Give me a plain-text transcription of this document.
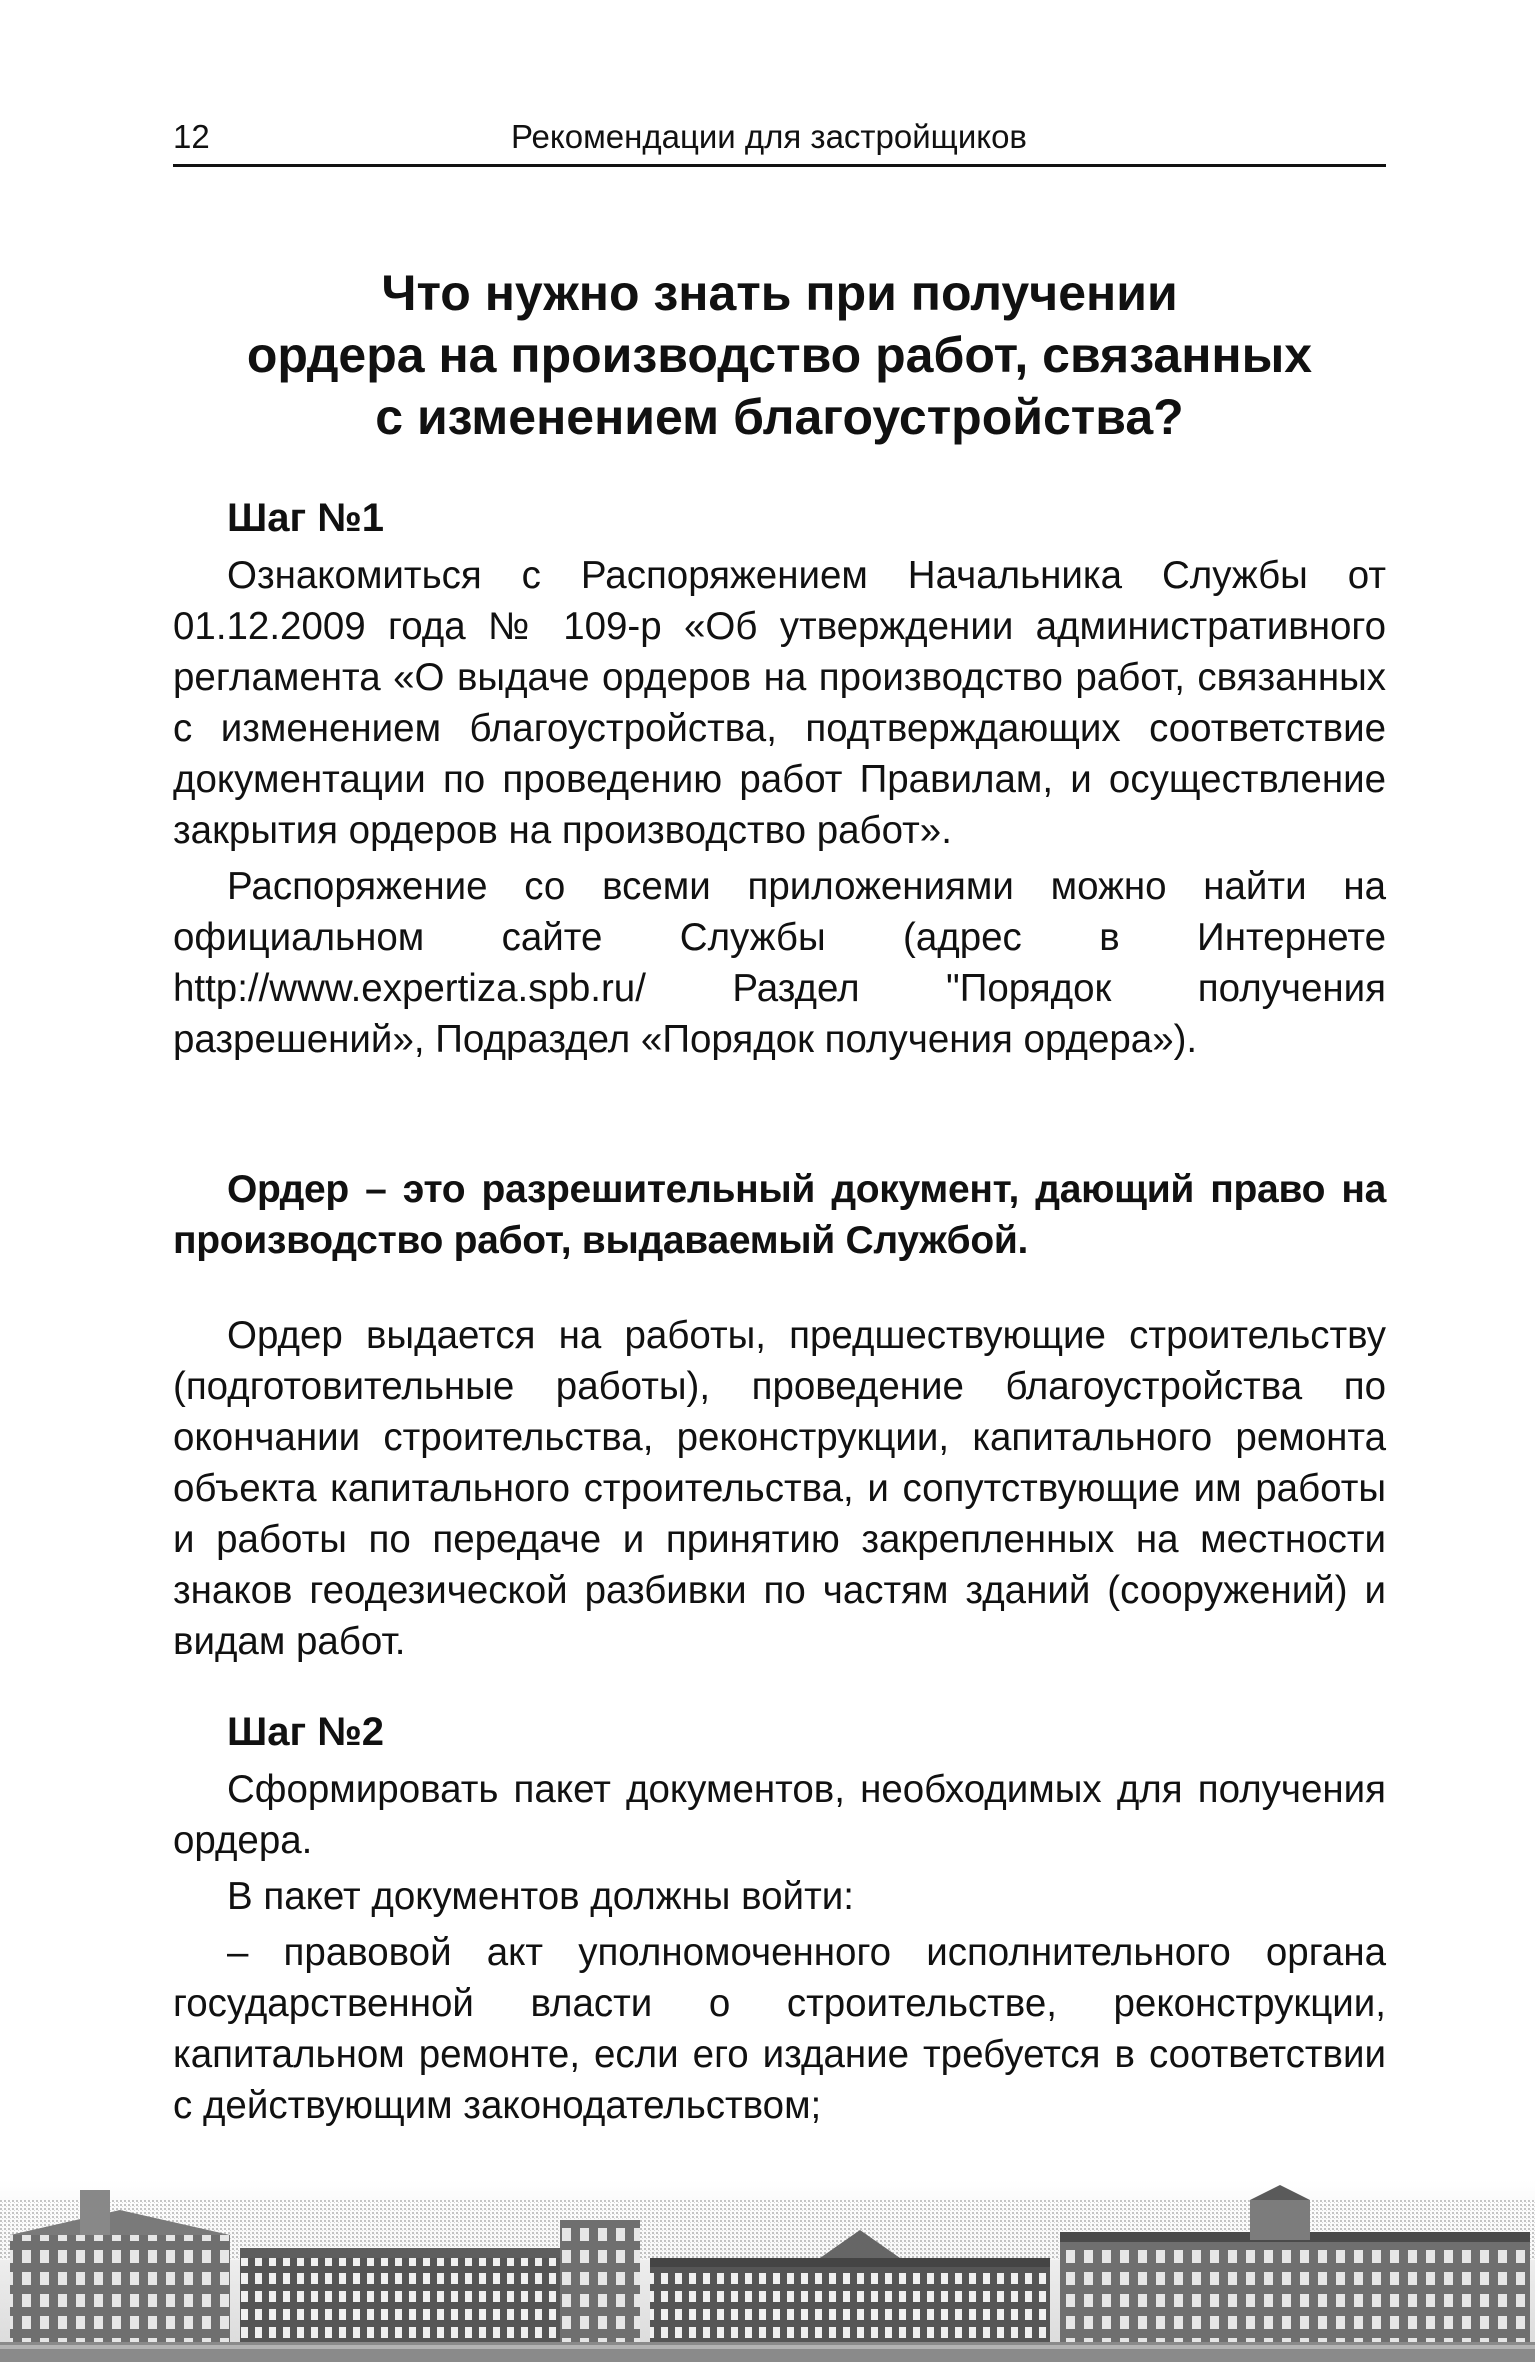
12	Рекомендации для застройщиков
Что нужно знать при получении
ордера на производство работ, связанных
с изменением благоустройства?
Шаг №1

Ознакомиться с Распоряжением Начальника Службы от 01.12.2009 года № 109-р «Об утверждении административного регламента «О выдаче ордеров на производство работ, связанных с изменением благоустройства, подтверждающих соответствие документации по проведению работ Правилам, и осуществление закрытия ордеров на производство работ».

Распоряжение со всеми приложениями можно найти на официальном сайте Службы (адрес в Интернете http://www.expertiza.spb.ru/ Раздел "Порядок получения разрешений», Подраздел «Порядок получения ордера»).

Ордер – это разрешительный документ, дающий право на производство работ, выдаваемый Службой.

Ордер выдается на работы, предшествующие строительству (подготовительные работы), проведение благоустройства по окончании строительства, реконструкции, капитального ремонта объекта капитального строительства, и сопутствующие им работы и работы по передаче и принятию закрепленных на местности знаков геодезической разбивки по частям зданий (сооружений) и видам работ.

Шаг №2

Сформировать пакет документов, необходимых для получения ордера.

В пакет документов должны войти:

– правовой акт уполномоченного исполнительного органа государственной власти о строительстве, реконструкции, капитальном ремонте, если его издание требуется в соответствии с действующим законодательством;
